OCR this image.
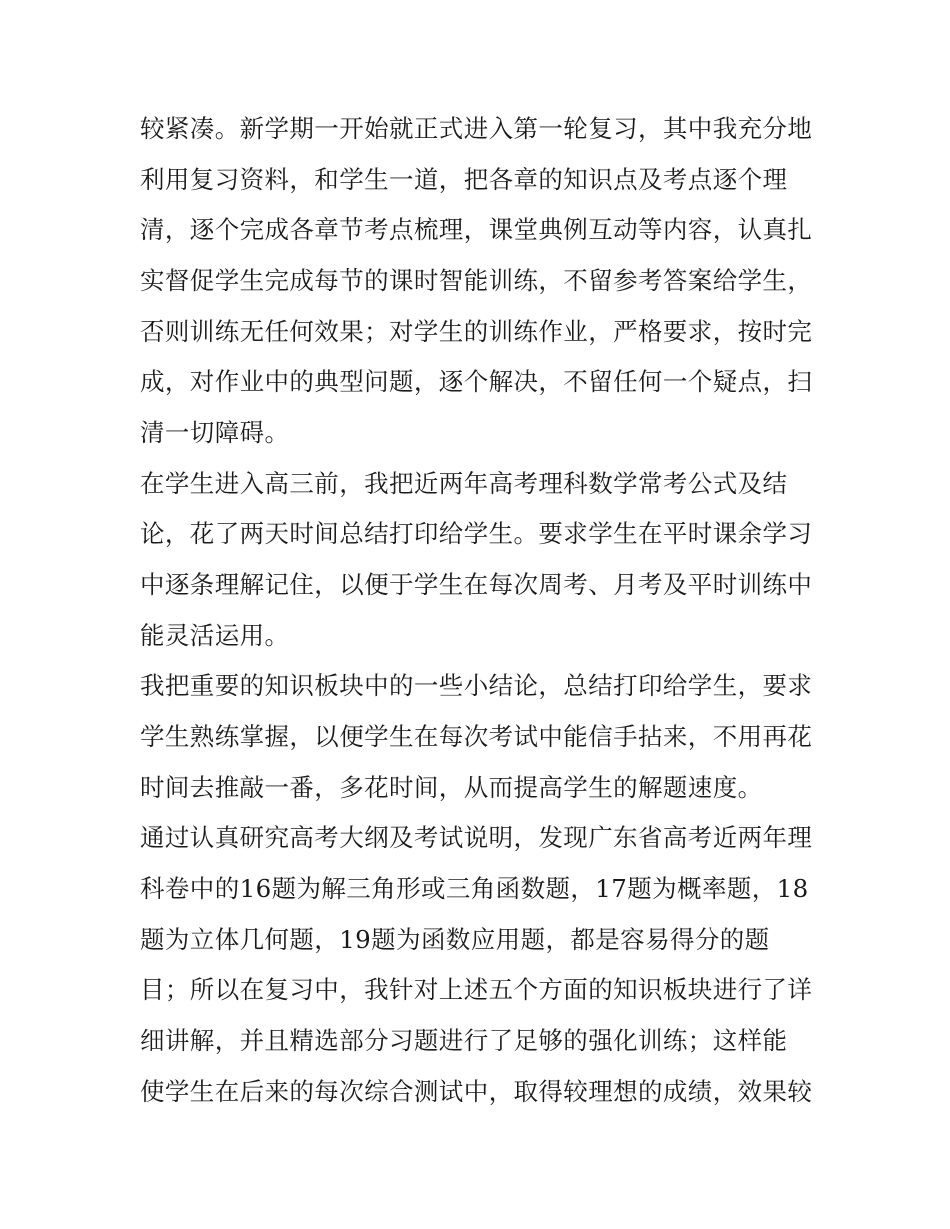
较紧凑。新学期一开始就正式进入第一轮复习，其中我充分地

利用复习资料，和学生一道，把各章的知识点及考点逐个理

清，逐个完成各章节考点梳理，课堂典例互动等内容，认真扎

实督促学生完成每节的课时智能训练，不留参考答案给学生，

否则训练无任何效果；对学生的训练作业，严格要求，按时完

成，对作业中的典型问题，逐个解决，不留任何一个疑点，扫

清一切障碍。

在学生进入高三前，我把近两年高考理科数学常考公式及结

论，花了两天时间总结打印给学生。要求学生在平时课余学习

中逐条理解记住，以便于学生在每次周考、月考及平时训练中

能灵活运用。

我把重要的知识板块中的一些小结论，总结打印给学生，要求

学生熟练掌握，以便学生在每次考试中能信手拈来，不用再花

时间去推敲一番，多花时间，从而提高学生的解题速度。

通过认真研究高考大纲及考试说明，发现广东省高考近两年理

科卷中的16题为解三角形或三角函数题，17题为概率题，18

题为立体几何题，19题为函数应用题，都是容易得分的题

目；所以在复习中，我针对上述五个方面的知识板块进行了详

细讲解，并且精选部分习题进行了足够的强化训练；这样能

使学生在后来的每次综合测试中，取得较理想的成绩，效果较
